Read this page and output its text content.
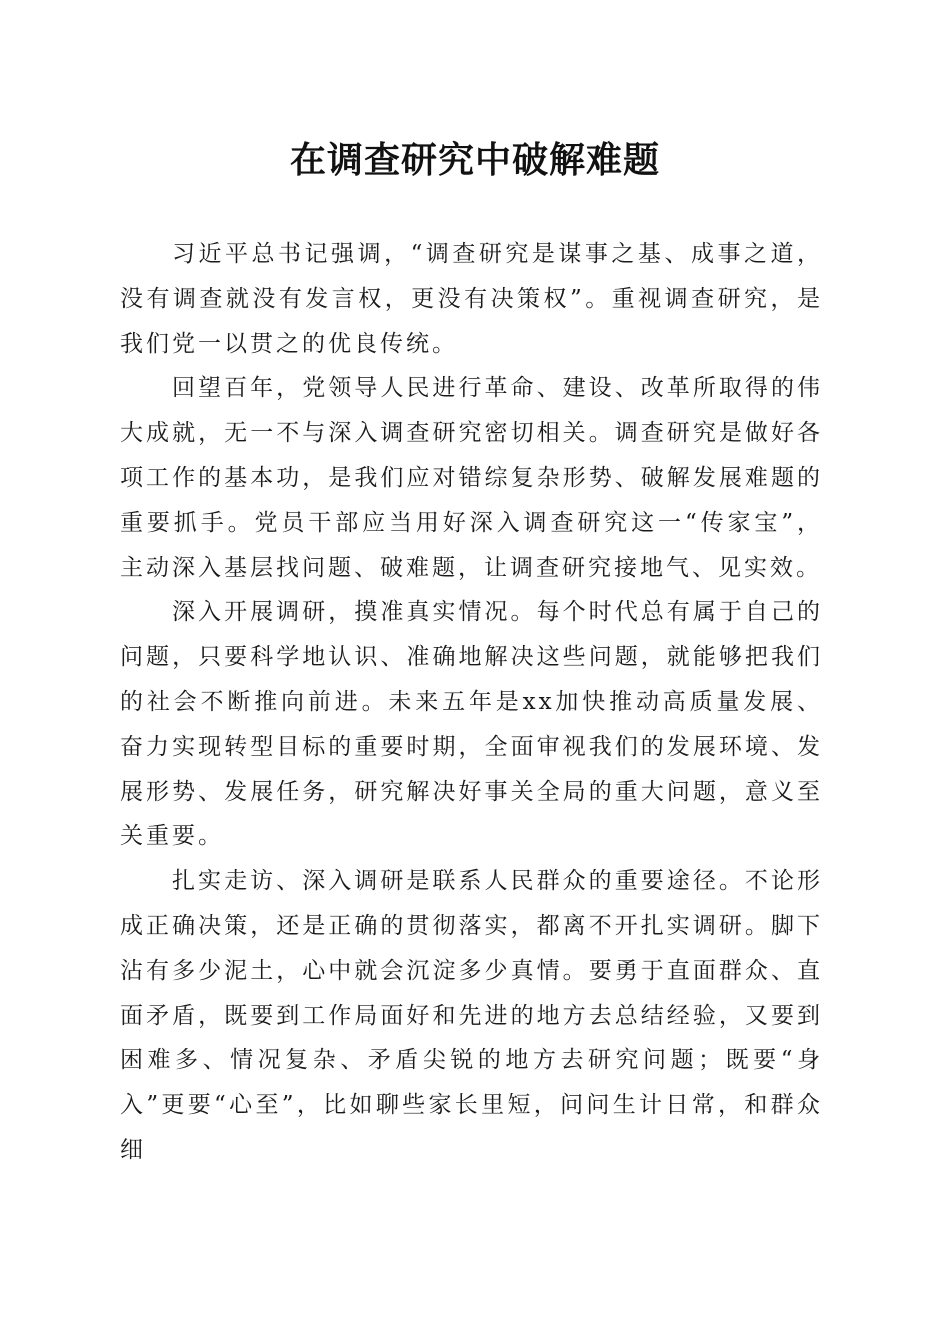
在调查研究中破解难题

习近平总书记强调，“调查研究是谋事之基、成事之道，没有调查就没有发言权，更没有决策权”。重视调查研究，是我们党一以贯之的优良传统。

回望百年，党领导人民进行革命、建设、改革所取得的伟大成就，无一不与深入调查研究密切相关。调查研究是做好各项工作的基本功，是我们应对错综复杂形势、破解发展难题的重要抓手。党员干部应当用好深入调查研究这一“传家宝”，主动深入基层找问题、破难题，让调查研究接地气、见实效。

深入开展调研，摸准真实情况。每个时代总有属于自己的问题，只要科学地认识、准确地解决这些问题，就能够把我们的社会不断推向前进。未来五年是xx加快推动高质量发展、奋力实现转型目标的重要时期，全面审视我们的发展环境、发展形势、发展任务，研究解决好事关全局的重大问题，意义至关重要。

扎实走访、深入调研是联系人民群众的重要途径。不论形成正确决策，还是正确的贯彻落实，都离不开扎实调研。脚下沾有多少泥土，心中就会沉淀多少真情。要勇于直面群众、直面矛盾，既要到工作局面好和先进的地方去总结经验，又要到困难多、情况复杂、矛盾尖锐的地方去研究问题；既要“身入”更要“心至”，比如聊些家长里短，问问生计日常，和群众细
